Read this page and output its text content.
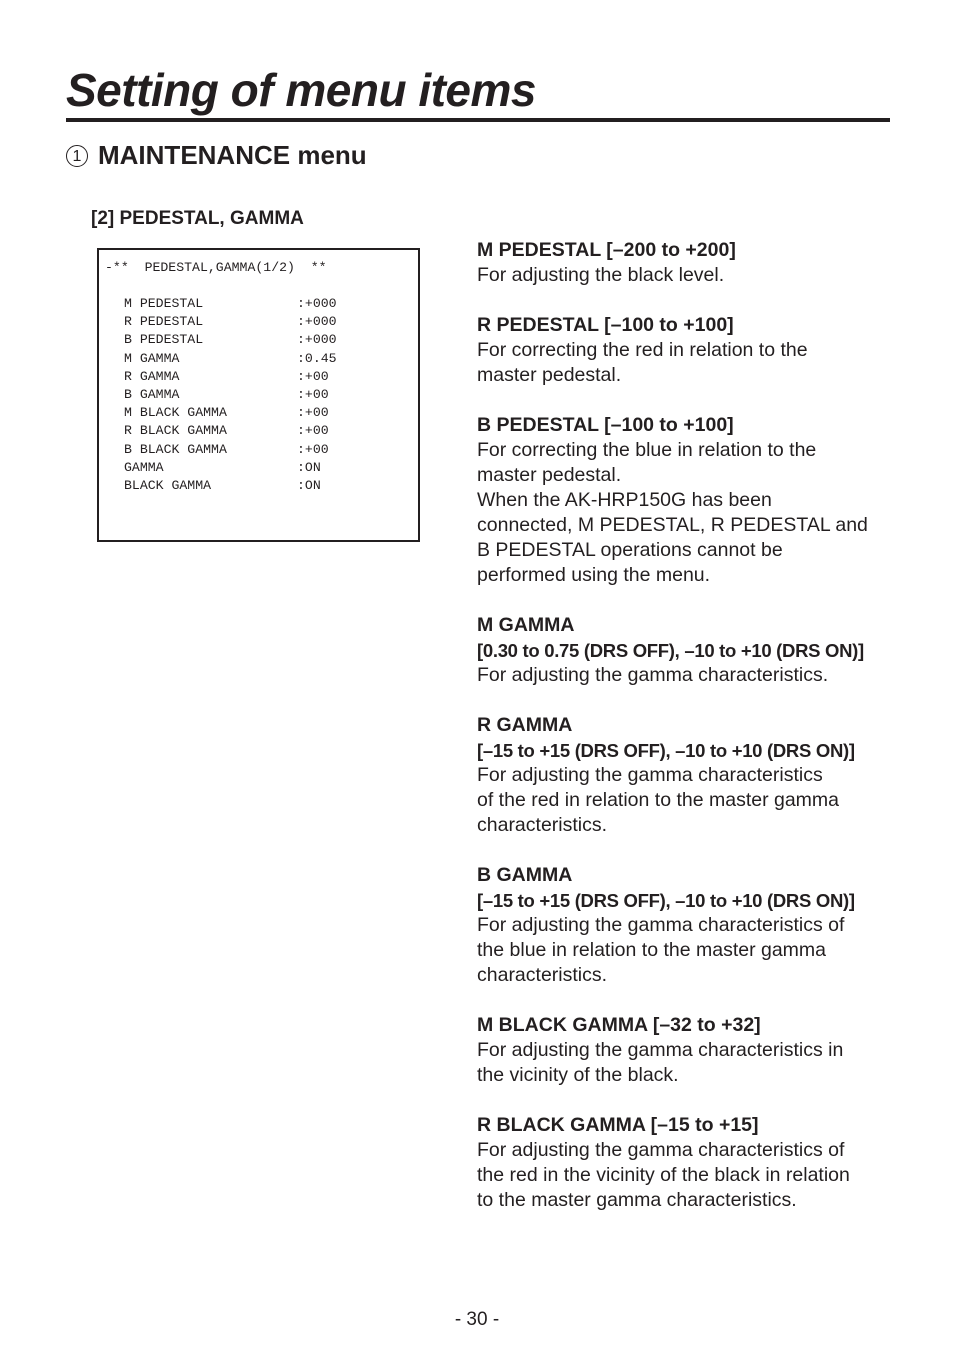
Setting of menu items
1 MAINTENANCE menu
[2] PEDESTAL, GAMMA
-**  PEDESTAL,GAMMA(1/2)  **
M PEDESTAL	:+000
R PEDESTAL	:+000
B PEDESTAL	:+000
M GAMMA	:0.45
R GAMMA	:+00
B GAMMA	:+00
M BLACK GAMMA	:+00
R BLACK GAMMA	:+00
B BLACK GAMMA	:+00
GAMMA	:ON
BLACK GAMMA	:ON
M PEDESTAL [–200 to +200]
For adjusting the black level.
R PEDESTAL [–100 to +100]
For correcting the red in relation to the
master pedestal.
B PEDESTAL [–100 to +100]
For correcting the blue in relation to the
master pedestal.
When the AK-HRP150G has been
connected, M PEDESTAL, R PEDESTAL and
B PEDESTAL operations cannot be
performed using the menu.
M GAMMA
[0.30 to 0.75 (DRS OFF), –10 to +10 (DRS ON)]
For adjusting the gamma characteristics.
R GAMMA
[–15 to +15 (DRS OFF), –10 to +10 (DRS ON)]
For adjusting the gamma characteristics
of the red in relation to the master gamma
characteristics.
B GAMMA
[–15 to +15 (DRS OFF), –10 to +10 (DRS ON)]
For adjusting the gamma characteristics of
the blue in relation to the master gamma
characteristics.
M BLACK GAMMA [–32 to +32]
For adjusting the gamma characteristics in
the vicinity of the black.
R BLACK GAMMA [–15 to +15]
For adjusting the gamma characteristics of
the red in the vicinity of the black in relation
to the master gamma characteristics.
- 30 -
